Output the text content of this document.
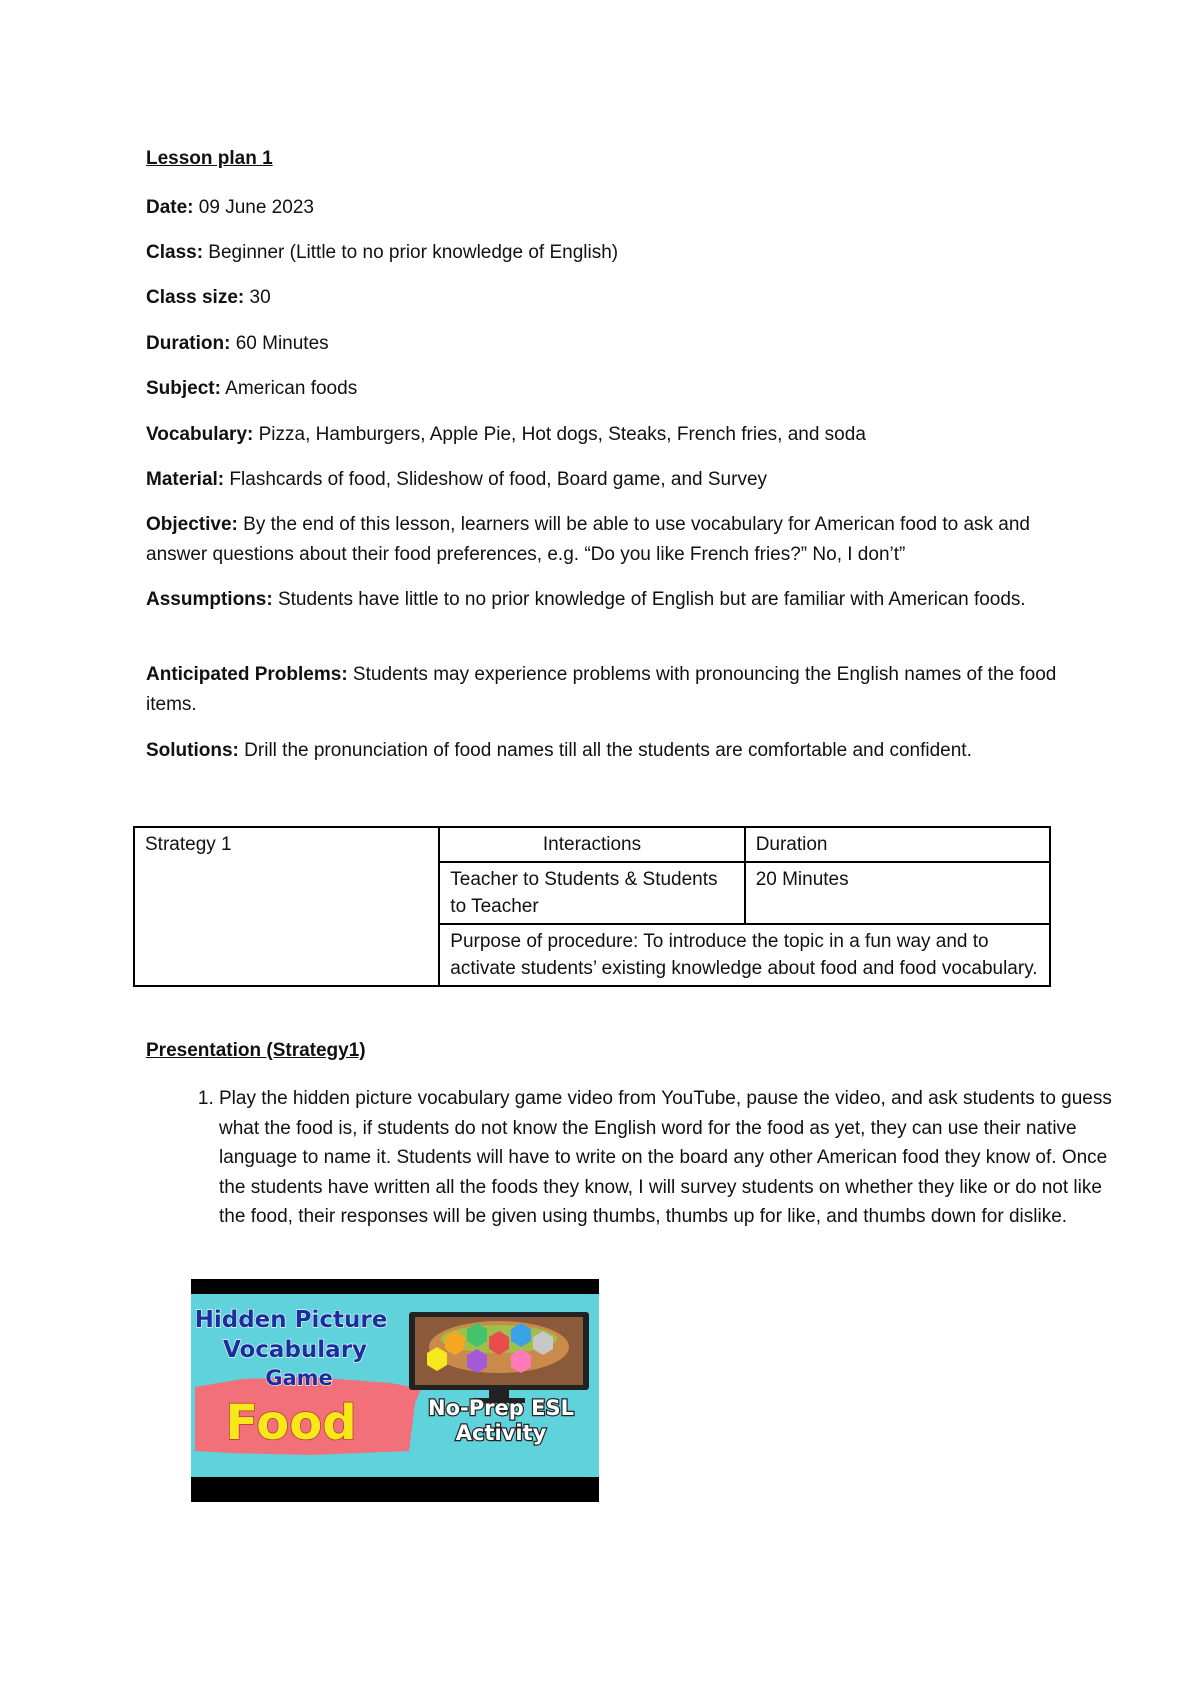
Lesson plan 1

Date: 09 June 2023

Class: Beginner (Little to no prior knowledge of English)

Class size: 30

Duration: 60 Minutes

Subject: American foods

Vocabulary: Pizza, Hamburgers, Apple Pie, Hot dogs, Steaks, French fries, and soda

Material: Flashcards of food, Slideshow of food, Board game, and Survey

Objective: By the end of this lesson, learners will be able to use vocabulary for American food to ask and answer questions about their food preferences, e.g. “Do you like French fries?” No, I don’t”

Assumptions: Students have little to no prior knowledge of English but are familiar with American foods.

Anticipated Problems: Students may experience problems with pronouncing the English names of the food items.

Solutions: Drill the pronunciation of food names till all the students are comfortable and confident.

Strategy 1	Interactions	Duration
	Teacher to Students & Students to Teacher	20 Minutes
	Purpose of procedure: To introduce the topic in a fun way and to activate students’ existing knowledge about food and food vocabulary.	

Presentation (Strategy1)

1. Play the hidden picture vocabulary game video from YouTube, pause the video, and ask students to guess what the food is, if students do not know the English word for the food as yet, they can use their native language to name it. Students will have to write on the board any other American food they know of. Once the students have written all the foods they know, I will survey students on whether they like or do not like the food, their responses will be given using thumbs, thumbs up for like, and thumbs down for dislike.
Hidden Picture
Vocabulary
Game
Food	No-Prep ESL
Activity
